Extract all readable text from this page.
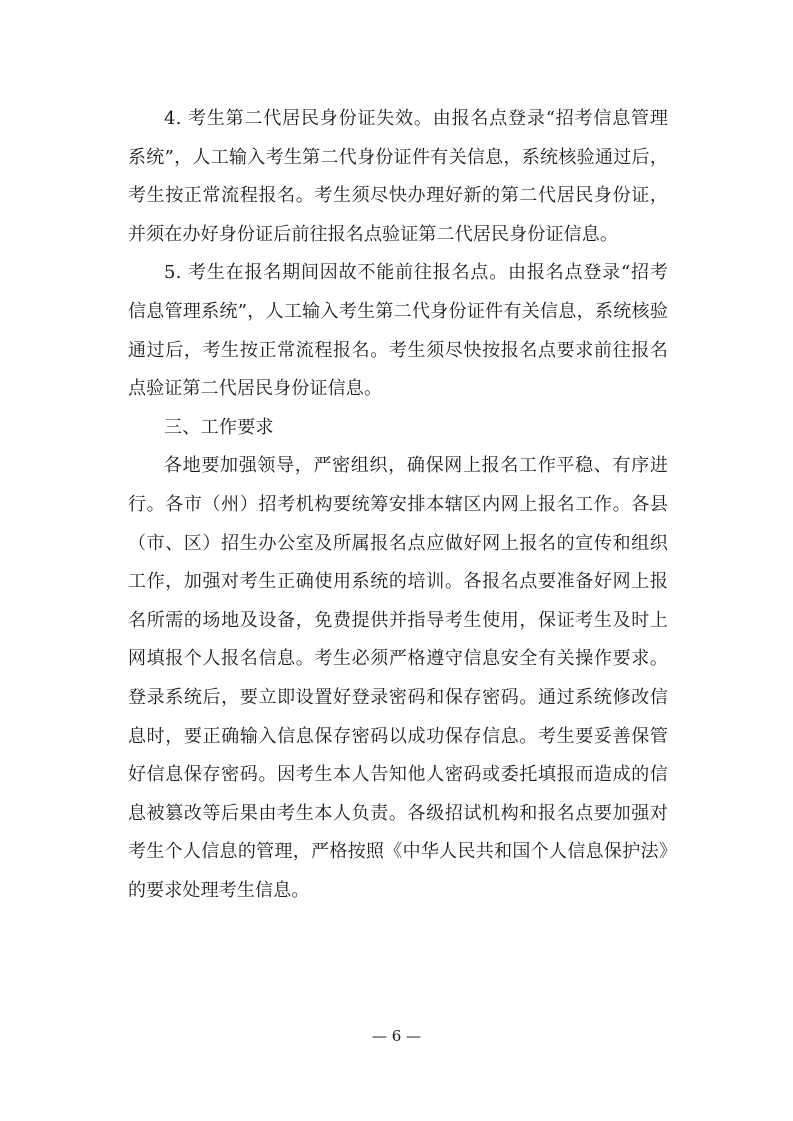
4. 考生第二代居民身份证失效。由报名点登录“招考信息管理系统”，人工输入考生第二代身份证件有关信息，系统核验通过后，考生按正常流程报名。考生须尽快办理好新的第二代居民身份证，并须在办好身份证后前往报名点验证第二代居民身份证信息。

5. 考生在报名期间因故不能前往报名点。由报名点登录“招考信息管理系统”，人工输入考生第二代身份证件有关信息，系统核验通过后，考生按正常流程报名。考生须尽快按报名点要求前往报名点验证第二代居民身份证信息。

三、工作要求

各地要加强领导，严密组织，确保网上报名工作平稳、有序进行。各市（州）招考机构要统筹安排本辖区内网上报名工作。各县（市、区）招生办公室及所属报名点应做好网上报名的宣传和组织工作，加强对考生正确使用系统的培训。各报名点要准备好网上报名所需的场地及设备，免费提供并指导考生使用，保证考生及时上网填报个人报名信息。考生必须严格遵守信息安全有关操作要求。登录系统后，要立即设置好登录密码和保存密码。通过系统修改信息时，要正确输入信息保存密码以成功保存信息。考生要妥善保管好信息保存密码。因考生本人告知他人密码或委托填报而造成的信息被篡改等后果由考生本人负责。各级招试机构和报名点要加强对考生个人信息的管理，严格按照《中华人民共和国个人信息保护法》的要求处理考生信息。

— 6 —
